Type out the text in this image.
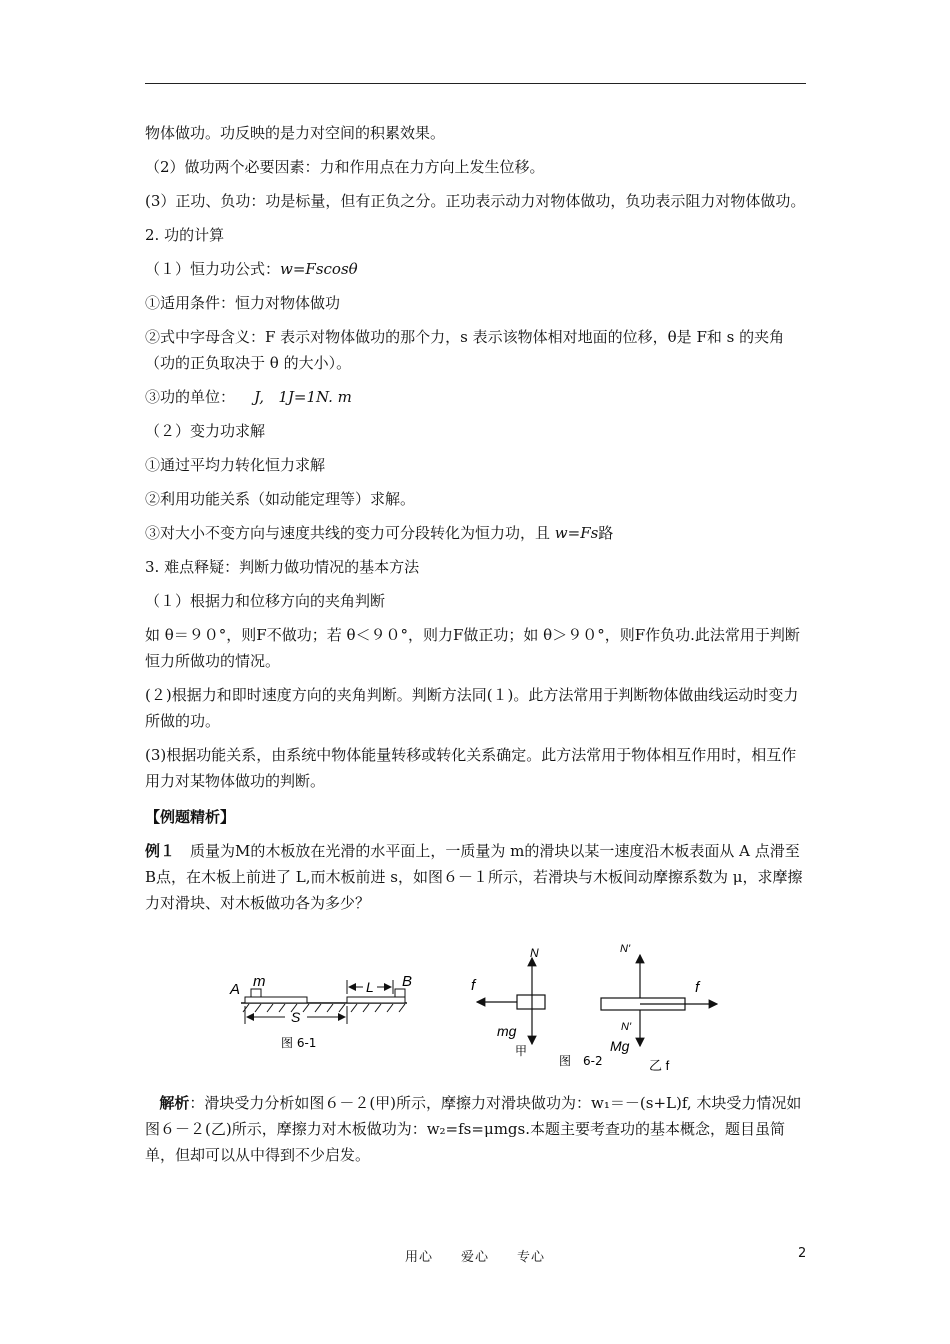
物体做功。功反映的是力对空间的积累效果。

（2）做功两个必要因素：力和作用点在力方向上发生位移。

(3）正功、负功：功是标量，但有正负之分。正功表示动力对物体做功，负功表示阻力对物体做功。

2. 功的计算

（１）恒力功公式：w=Fscosθ

①适用条件：恒力对物体做功

②式中字母含义：F 表示对物体做功的那个力，s 表示该物体相对地面的位移，θ是 F和 s 的夹角（功的正负取决于 θ 的大小）。

③功的单位： J, 1J=1N. m

（２）变力功求解

①通过平均力转化恒力求解

②利用功能关系（如动能定理等）求解。

③对大小不变方向与速度共线的变力可分段转化为恒力功，且 w=Fs路

3. 难点释疑：判断力做功情况的基本方法

（１）根据力和位移方向的夹角判断

如 θ＝９０°，则F不做功；若 θ＜９０°，则力F做正功；如 θ＞９０°，则F作负功.此法常用于判断恒力所做功的情况。

(２)根据力和即时速度方向的夹角判断。判断方法同(１)。此方法常用于判断物体做曲线运动时变力所做的功。

(3)根据功能关系，由系统中物体能量转移或转化关系确定。此方法常用于物体相互作用时，相互作用力对某物体做功的判断。

【例题精析】

例１　质量为M的木板放在光滑的水平面上，一质量为 m的滑块以某一速度沿木板表面从 A 点滑至 B点，在木板上前进了 L,而木板前进 s，如图６－１所示，若滑块与木板间动摩擦系数为 μ，求摩擦力对滑块、对木板做功各为多少？

A m	L B
S
图 6-1
N
f
mg
甲
N'
f
N'
Mg
乙 f
图　6-2

解析：滑块受力分析如图６－２(甲)所示，摩擦力对滑块做功为：w₁＝－(s+L)f, 木块受力情况如图６－２(乙)所示，摩擦力对木板做功为：w₂=fs=μmgs.本题主要考查功的基本概念，题目虽简单，但却可以从中得到不少启发。

用心　　爱心　　专心	2
